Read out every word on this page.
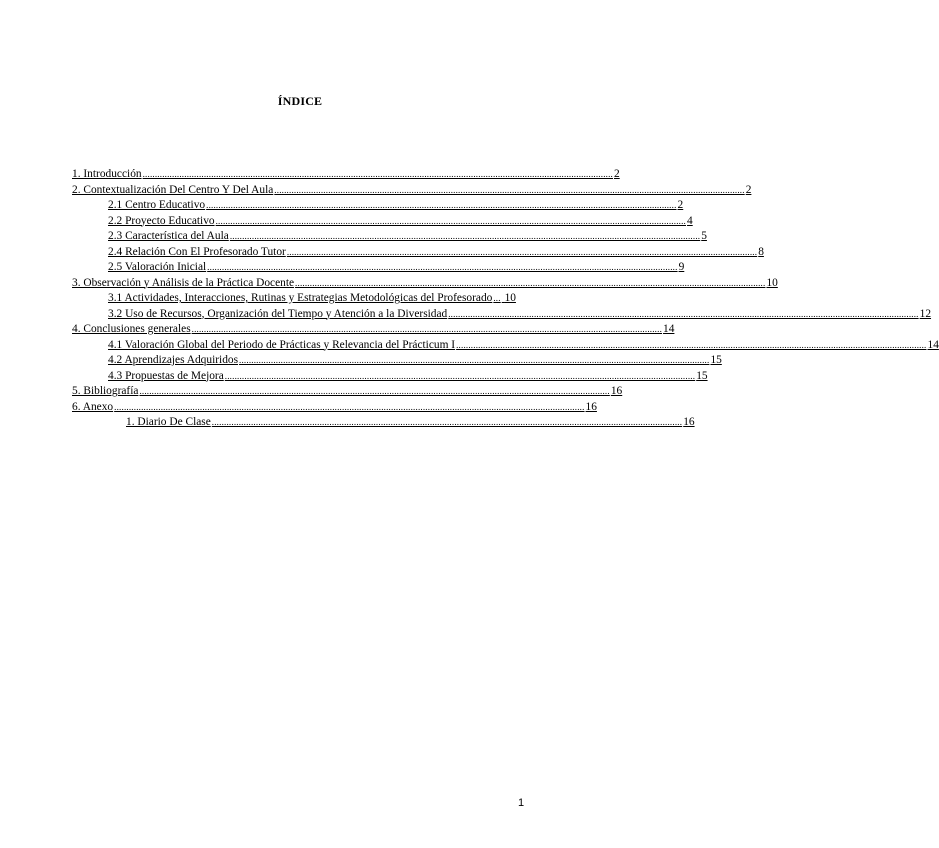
ÍNDICE
1. Introducción ................................................................................................................................................................................................ 2
2. Contextualización Del Centro Y Del Aula ................................................................................................................................................................................................ 2
2.1 Centro Educativo ................................................................................................................................................................................................ 2
2.2 Proyecto Educativo ................................................................................................................................................................................................ 4
2.3 Característica del Aula ................................................................................................................................................................................................ 5
2.4 Relación Con El Profesorado Tutor ................................................................................................................................................................................................ 8
2.5 Valoración Inicial ................................................................................................................................................................................................ 9
3. Observación y Análisis de la Práctica Docente ................................................................................................................................................................................................ 10
3.1 Actividades, Interacciones, Rutinas y Estrategias Metodológicas del Profesorado... 10
3.2 Uso de Recursos, Organización del Tiempo y Atención a la Diversidad ................................................................................................................................................................................................ 12
4. Conclusiones generales ................................................................................................................................................................................................ 14
4.1 Valoración Global del Periodo de Prácticas y Relevancia del Prácticum I ................................................................................................................................................................................................ 14
4.2 Aprendizajes Adquiridos ................................................................................................................................................................................................ 15
4.3 Propuestas de Mejora ................................................................................................................................................................................................ 15
5. Bibliografía ................................................................................................................................................................................................ 16
6. Anexo ................................................................................................................................................................................................ 16
1. Diario De Clase ................................................................................................................................................................................................ 16
1
